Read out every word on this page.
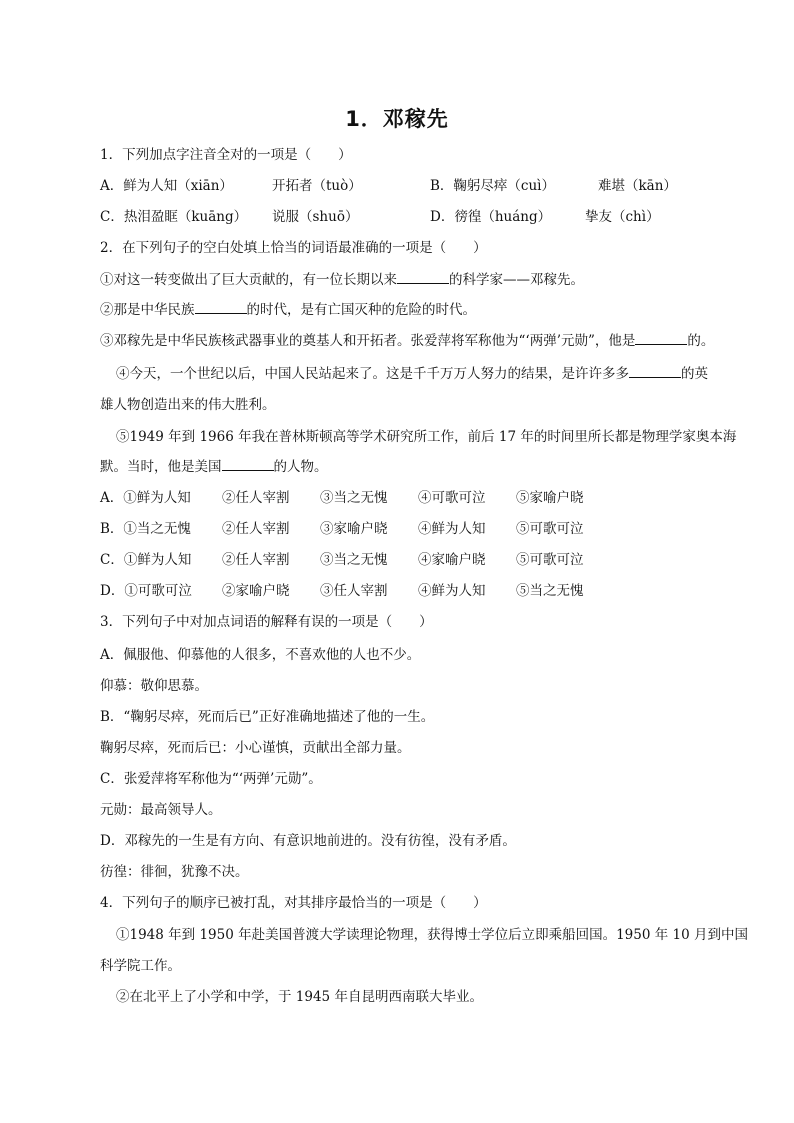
1．邓稼先
1．下列加点字注音全对的一项是（　　）
A．鲜为人知（xiān）	开拓者（tuò）	B．鞠躬尽瘁（cuì）	难堪（kān）
C．热泪盈眶（kuāng） 说服（shuō）	D．徬徨（huáng）	挚友（chì）
2．在下列句子的空白处填上恰当的词语最准确的一项是（　　）
①对这一转变做出了巨大贡献的，有一位长期以来	的科学家——邓稼先。
②那是中华民族	的时代，是有亡国灭种的危险的时代。
③邓稼先是中华民族核武器事业的奠基人和开拓者。张爱萍将军称他为“‘两弹’元勋”，他是	的。
④今天，一个世纪以后，中国人民站起来了。这是千千万万人努力的结果，是许许多多	的英
雄人物创造出来的伟大胜利。
⑤1949 年到 1966 年我在普林斯顿高等学术研究所工作，前后 17 年的时间里所长都是物理学家奥本海
默。当时，他是美国	的人物。
A．①鲜为人知 ②任人宰割 ③当之无愧 ④可歌可泣 ⑤家喻户晓
B．①当之无愧 ②任人宰割 ③家喻户晓 ④鲜为人知 ⑤可歌可泣
C．①鲜为人知 ②任人宰割 ③当之无愧 ④家喻户晓 ⑤可歌可泣
D．①可歌可泣 ②家喻户晓 ③任人宰割 ④鲜为人知 ⑤当之无愧
3．下列句子中对加点词语的解释有误的一项是（　　）
A．佩服他、仰慕他的人很多，不喜欢他的人也不少。
仰慕：敬仰思慕。
B．“鞠躬尽瘁，死而后已”正好准确地描述了他的一生。
鞠躬尽瘁，死而后已：小心谨慎，贡献出全部力量。
C．张爱萍将军称他为“‘两弹’元勋”。
元勋：最高领导人。
D．邓稼先的一生是有方向、有意识地前进的。没有彷徨，没有矛盾。
彷徨：徘徊，犹豫不决。
4．下列句子的顺序已被打乱，对其排序最恰当的一项是（　　）
①1948 年到 1950 年赴美国普渡大学读理论物理，获得博士学位后立即乘船回国。1950 年 10 月到中国
科学院工作。
②在北平上了小学和中学，于 1945 年自昆明西南联大毕业。
